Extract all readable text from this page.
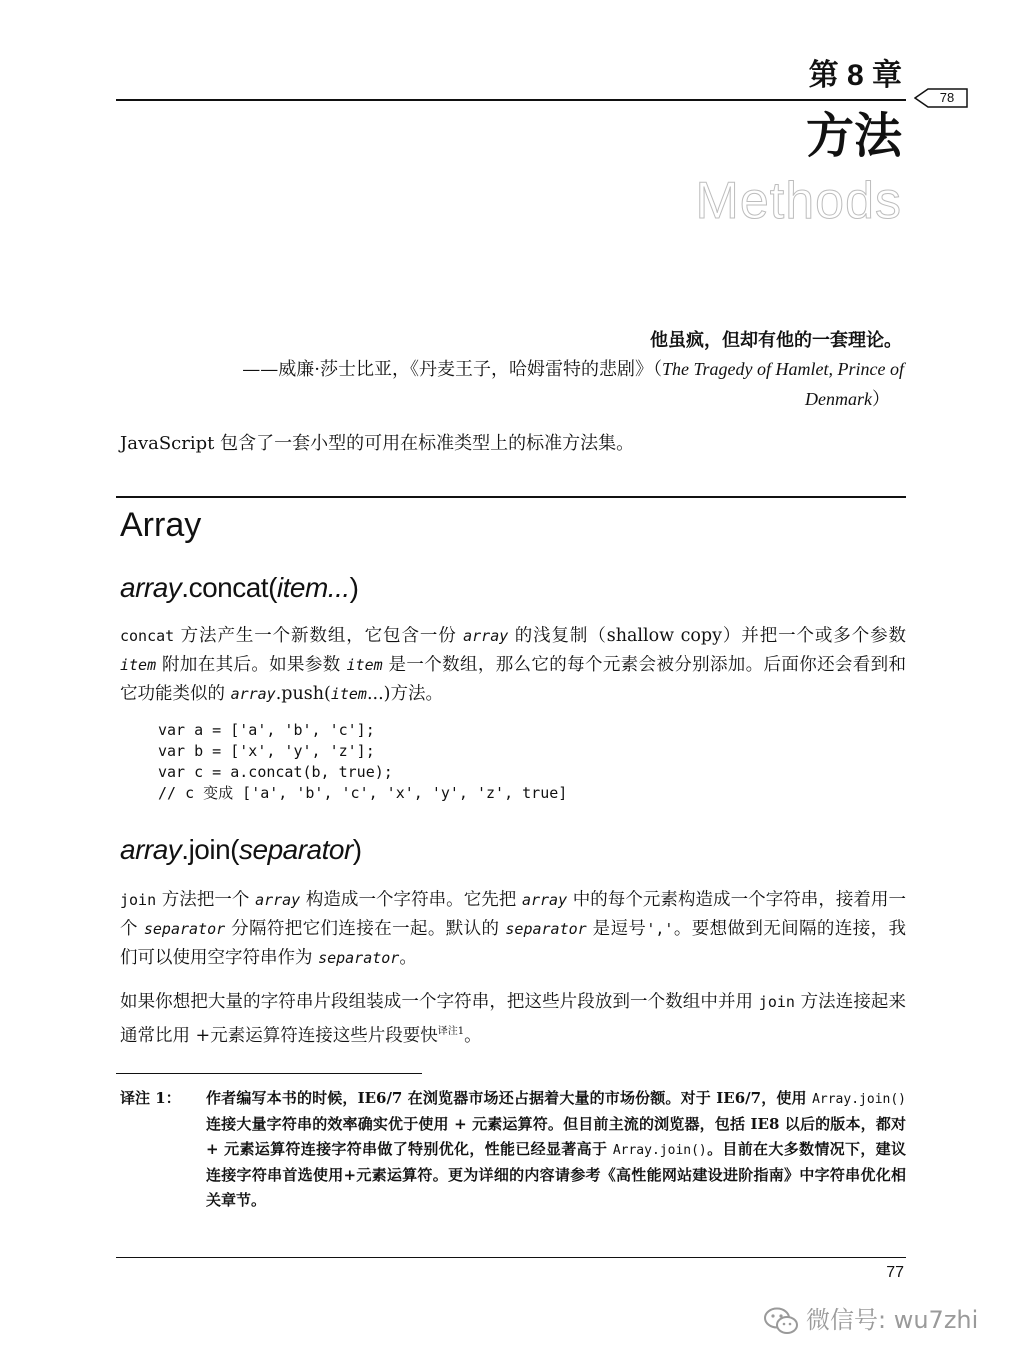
第 8 章
78
方法
Methods
他虽疯，但却有他的一套理论。
——威廉·莎士比亚，《丹麦王子，哈姆雷特的悲剧》（The Tragedy of Hamlet, Prince of
Denmark）
JavaScript 包含了一套小型的可用在标准类型上的标准方法集。
Array
array.concat(item...)
concat 方法产生一个新数组，它包含一份 array 的浅复制（shallow copy）并把一个或多个参数 item 附加在其后。如果参数 item 是一个数组，那么它的每个元素会被分别添加。后面你还会看到和它功能类似的 array.push(item...)方法。
var a = ['a', 'b', 'c'];
var b = ['x', 'y', 'z'];
var c = a.concat(b, true);
// c 变成 ['a', 'b', 'c', 'x', 'y', 'z', true]
array.join(separator)
join 方法把一个 array 构造成一个字符串。它先把 array 中的每个元素构造成一个字符串，接着用一个 separator 分隔符把它们连接在一起。默认的 separator 是逗号','。要想做到无间隔的连接，我们可以使用空字符串作为 separator。
如果你想把大量的字符串片段组装成一个字符串，把这些片段放到一个数组中并用 join 方法连接起来通常比用 +元素运算符连接这些片段要快$^{译注1}$。
译注 1： 作者编写本书的时候，IE6/7 在浏览器市场还占据着大量的市场份额。对于 IE6/7，使用 Array.join() 连接大量字符串的效率确实优于使用 + 元素运算符。但目前主流的浏览器，包括 IE8 以后的版本，都对 + 元素运算符连接字符串做了特别优化，性能已经显著高于 Array.join()。目前在大多数情况下，建议连接字符串首选使用+元素运算符。更为详细的内容请参考《高性能网站建设进阶指南》中字符串优化相关章节。
77
微信号: wu7zhi
